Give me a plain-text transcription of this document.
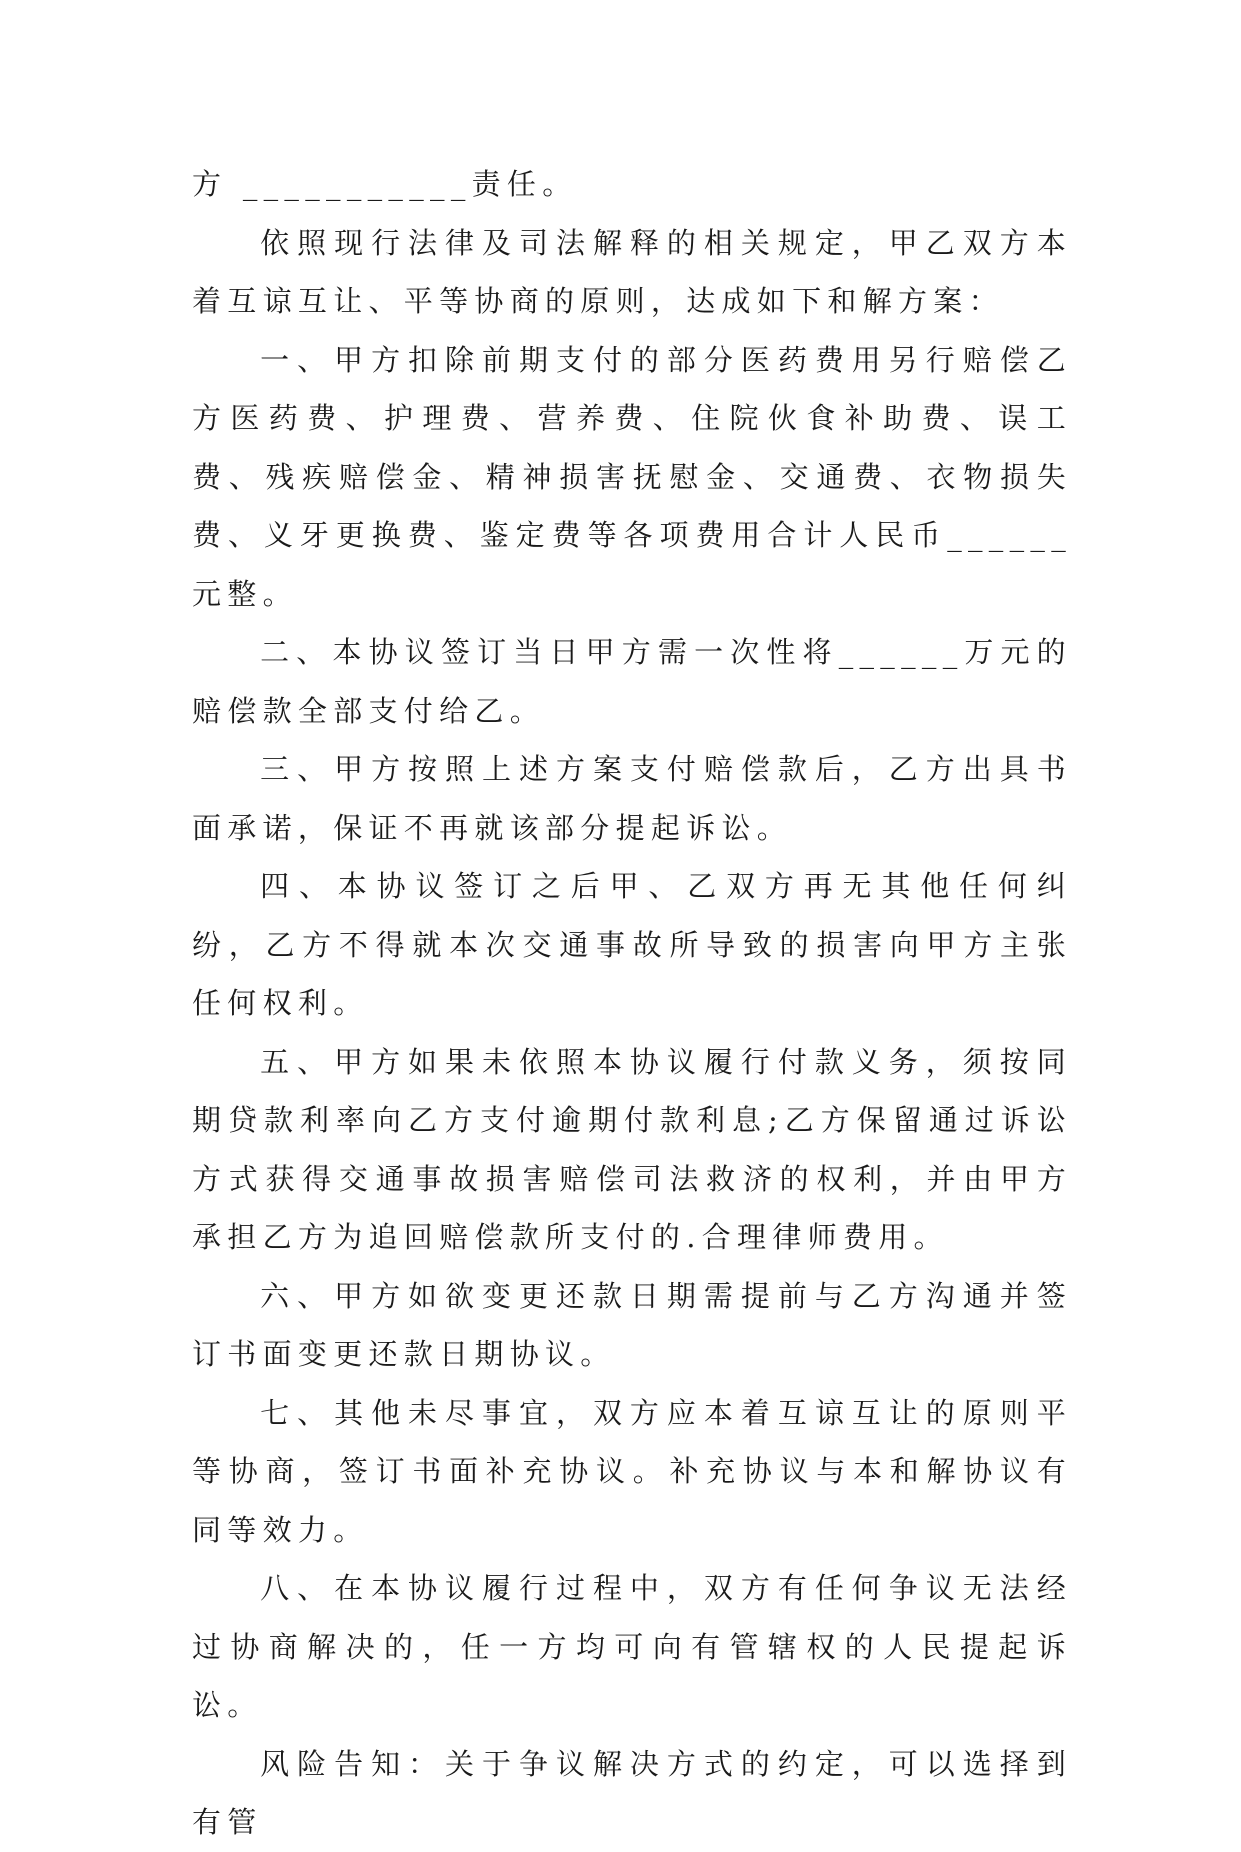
方 ___________责任。

依照现行法律及司法解释的相关规定，甲乙双方本着互谅互让、平等协商的原则，达成如下和解方案：

一、甲方扣除前期支付的部分医药费用另行赔偿乙方医药费、护理费、营养费、住院伙食补助费、误工费、残疾赔偿金、精神损害抚慰金、交通费、衣物损失费、义牙更换费、鉴定费等各项费用合计人民币______元整。

二、本协议签订当日甲方需一次性将______万元的赔偿款全部支付给乙。

三、甲方按照上述方案支付赔偿款后，乙方出具书面承诺，保证不再就该部分提起诉讼。

四、本协议签订之后甲、乙双方再无其他任何纠纷，乙方不得就本次交通事故所导致的损害向甲方主张任何权利。

五、甲方如果未依照本协议履行付款义务，须按同期贷款利率向乙方支付逾期付款利息;乙方保留通过诉讼方式获得交通事故损害赔偿司法救济的权利，并由甲方承担乙方为追回赔偿款所支付的.合理律师费用。

六、甲方如欲变更还款日期需提前与乙方沟通并签订书面变更还款日期协议。

七、其他未尽事宜，双方应本着互谅互让的原则平等协商，签订书面补充协议。补充协议与本和解协议有同等效力。

八、在本协议履行过程中，双方有任何争议无法经过协商解决的，任一方均可向有管辖权的人民提起诉讼。

风险告知：关于争议解决方式的约定，可以选择到有管
